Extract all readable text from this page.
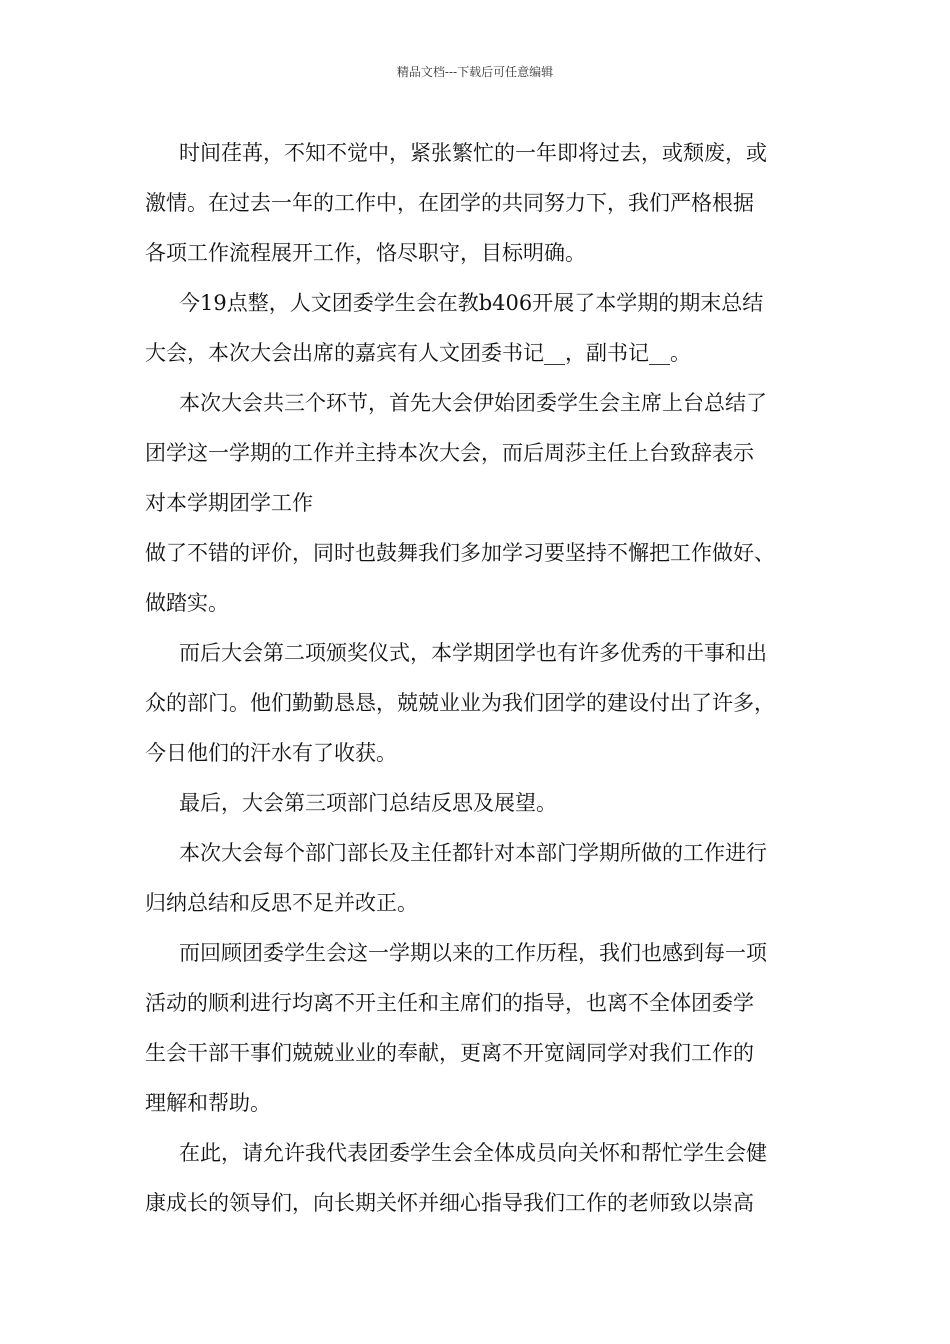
精品文档---下载后可任意编辑
时间荏苒，不知不觉中，紧张繁忙的一年即将过去，或颓废，或
激情。在过去一年的工作中，在团学的共同努力下，我们严格根据
各项工作流程展开工作，恪尽职守，目标明确。
今19点整，人文团委学生会在教b406开展了本学期的期末总结
大会，本次大会出席的嘉宾有人文团委书记__，副书记__。
本次大会共三个环节，首先大会伊始团委学生会主席上台总结了
团学这一学期的工作并主持本次大会，而后周莎主任上台致辞表示
对本学期团学工作
做了不错的评价，同时也鼓舞我们多加学习要坚持不懈把工作做好、
做踏实。
而后大会第二项颁奖仪式，本学期团学也有许多优秀的干事和出
众的部门。他们勤勤恳恳，兢兢业业为我们团学的建设付出了许多，
今日他们的汗水有了收获。
最后，大会第三项部门总结反思及展望。
本次大会每个部门部长及主任都针对本部门学期所做的工作进行
归纳总结和反思不足并改正。
而回顾团委学生会这一学期以来的工作历程，我们也感到每一项
活动的顺利进行均离不开主任和主席们的指导，也离不全体团委学
生会干部干事们兢兢业业的奉献，更离不开宽阔同学对我们工作的
理解和帮助。
在此，请允许我代表团委学生会全体成员向关怀和帮忙学生会健
康成长的领导们，向长期关怀并细心指导我们工作的老师致以崇高
